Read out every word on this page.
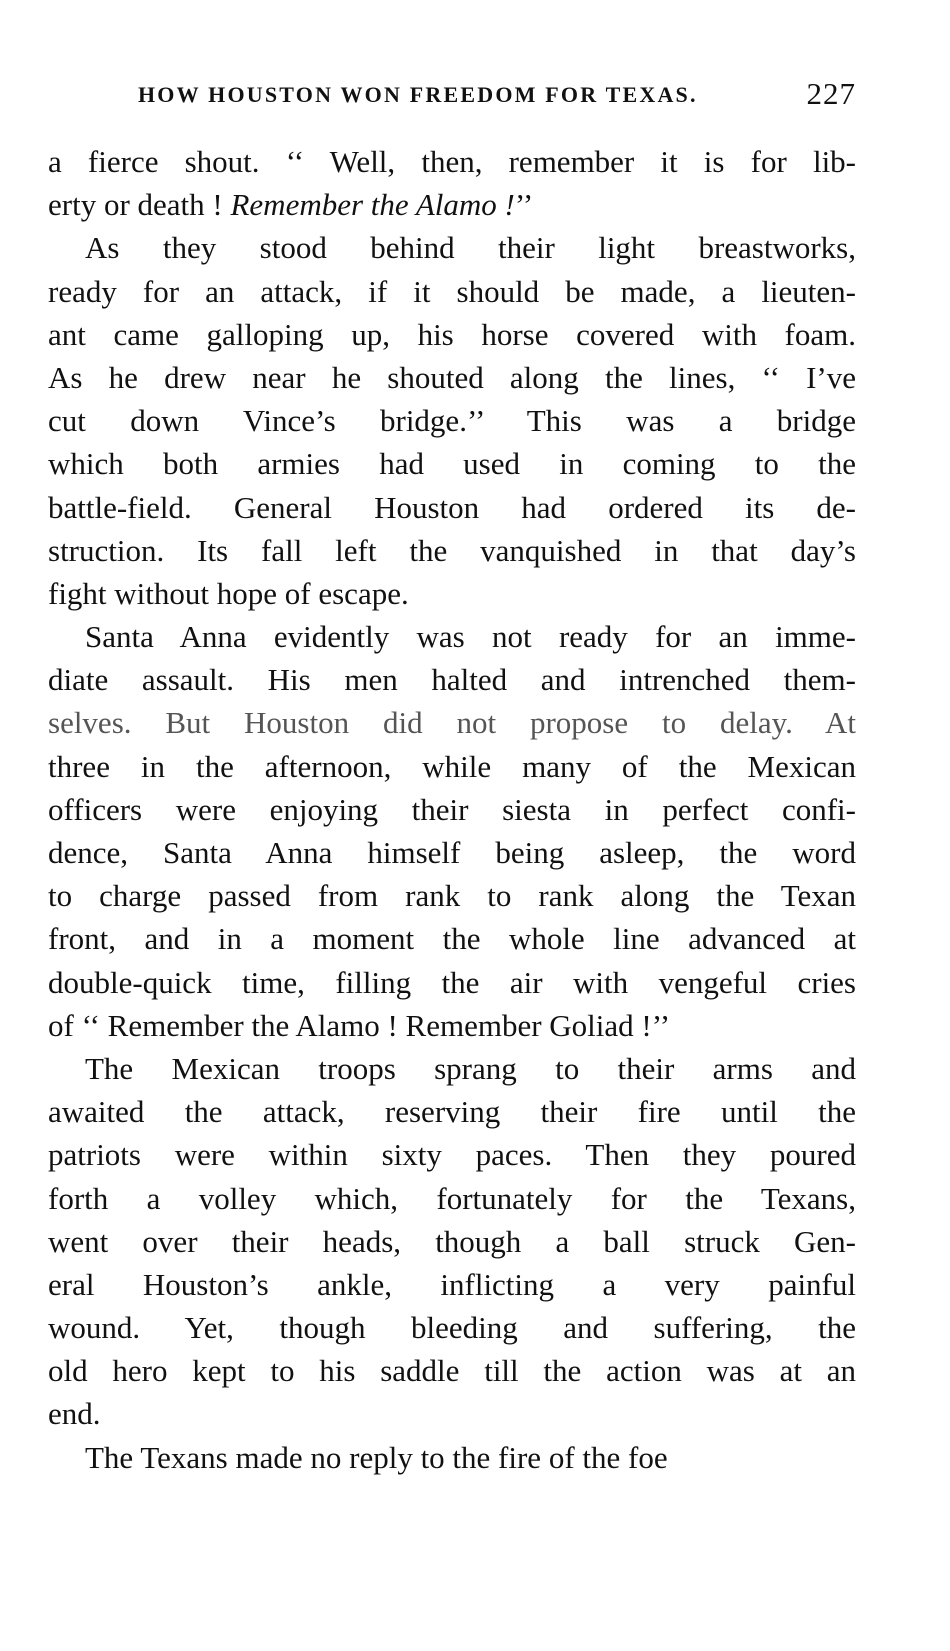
HOW HOUSTON WON FREEDOM FOR TEXAS.	227
a fierce shout. ‘‘ Well, then, remember it is for lib-
erty or death ! Remember the Alamo !’’
As they stood behind their light breastworks,
ready for an attack, if it should be made, a lieuten-
ant came galloping up, his horse covered with foam.
As he drew near he shouted along the lines, ‘‘ I’ve
cut down Vince’s bridge.’’ This was a bridge
which both armies had used in coming to the
battle-field. General Houston had ordered its de-
struction. Its fall left the vanquished in that day’s
fight without hope of escape.
Santa Anna evidently was not ready for an imme-
diate assault. His men halted and intrenched them-
selves. But Houston did not propose to delay. At
three in the afternoon, while many of the Mexican
officers were enjoying their siesta in perfect confi-
dence, Santa Anna himself being asleep, the word
to charge passed from rank to rank along the Texan
front, and in a moment the whole line advanced at
double-quick time, filling the air with vengeful cries
of ‘‘ Remember the Alamo ! Remember Goliad !’’
The Mexican troops sprang to their arms and
awaited the attack, reserving their fire until the
patriots were within sixty paces. Then they poured
forth a volley which, fortunately for the Texans,
went over their heads, though a ball struck Gen-
eral Houston’s ankle, inflicting a very painful
wound. Yet, though bleeding and suffering, the
old hero kept to his saddle till the action was at an
end.
The Texans made no reply to the fire of the foe
